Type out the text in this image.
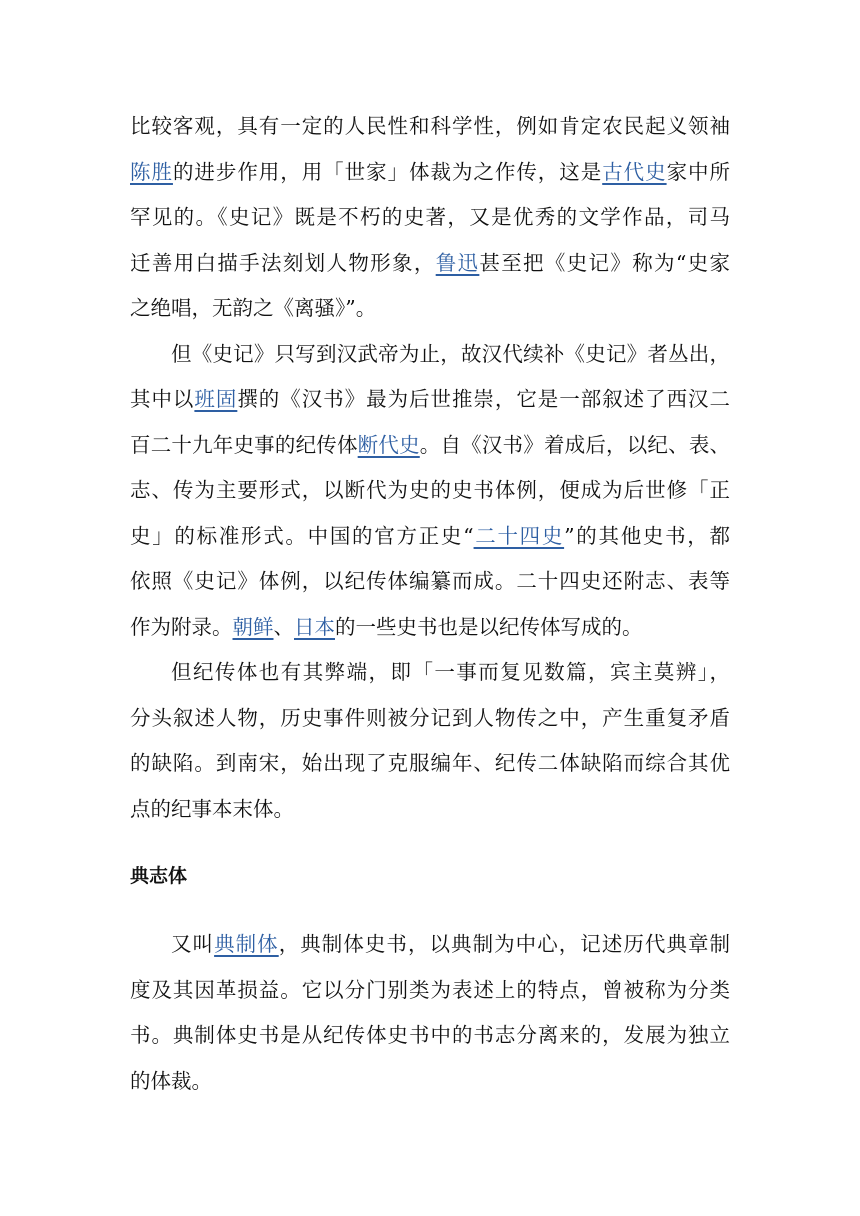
比较客观，具有一定的人民性和科学性，例如肯定农民起义领袖
陈胜的进步作用，用「世家」体裁为之作传，这是古代史家中所
罕见的。《史记》既是不朽的史著，又是优秀的文学作品，司马
迁善用白描手法刻划人物形象，鲁迅甚至把《史记》称为“史家
之绝唱，无韵之《离骚》”。
但《史记》只写到汉武帝为止，故汉代续补《史记》者丛出，
其中以班固撰的《汉书》最为后世推崇，它是一部叙述了西汉二
百二十九年史事的纪传体断代史。自《汉书》着成后，以纪、表、
志、传为主要形式，以断代为史的史书体例，便成为后世修「正
史」的标准形式。中国的官方正史“二十四史”的其他史书，都
依照《史记》体例，以纪传体编纂而成。二十四史还附志、表等
作为附录。朝鲜、日本的一些史书也是以纪传体写成的。
但纪传体也有其弊端，即「一事而复见数篇，宾主莫辨」，
分头叙述人物，历史事件则被分记到人物传之中，产生重复矛盾
的缺陷。到南宋，始出现了克服编年、纪传二体缺陷而综合其优
点的纪事本末体。
典志体
又叫典制体，典制体史书，以典制为中心，记述历代典章制
度及其因革损益。它以分门别类为表述上的特点，曾被称为分类
书。典制体史书是从纪传体史书中的书志分离来的，发展为独立
的体裁。
